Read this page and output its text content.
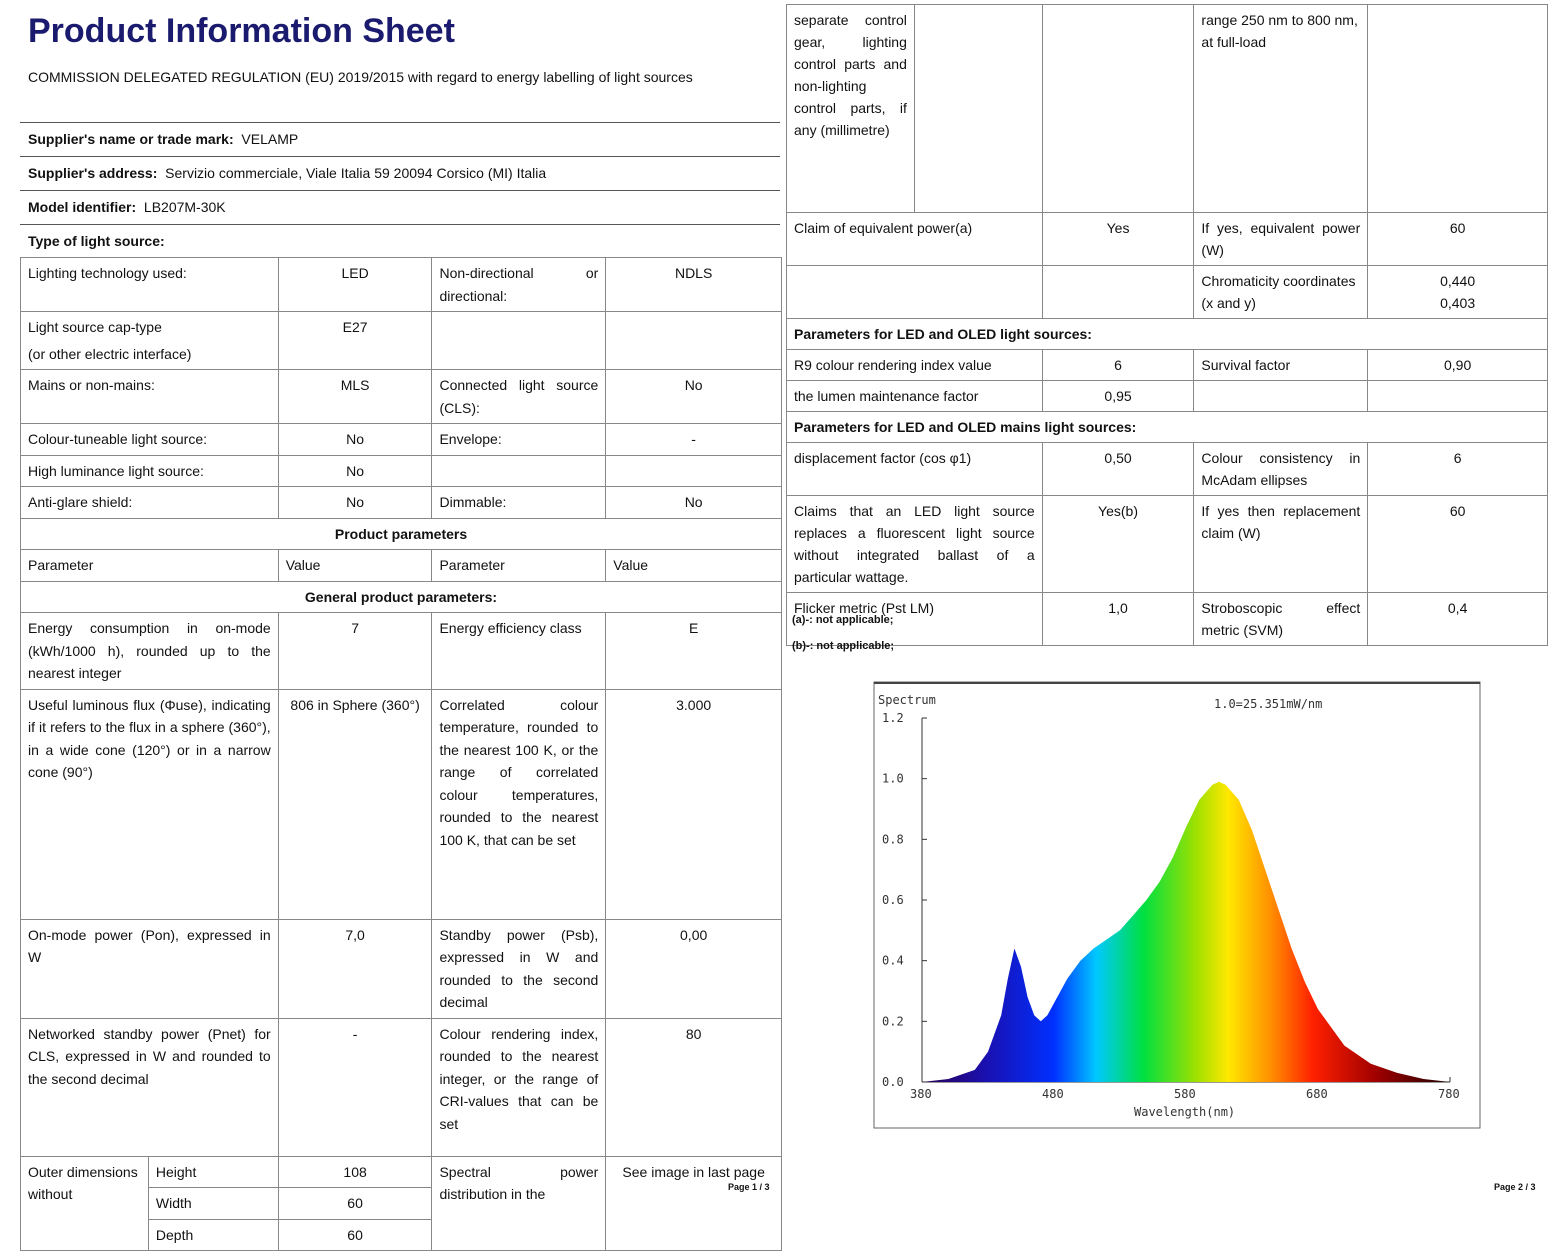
Product Information Sheet
COMMISSION DELEGATED REGULATION (EU) 2019/2015 with regard to energy labelling of light sources
Supplier's name or trade mark: VELAMP
Supplier's address: Servizio commerciale, Viale Italia 59 20094 Corsico (MI) Italia
Model identifier: LB207M-30K
Type of light source:
Lighting technology used:		LED	Non-directional or directional:	NDLS

Light source cap-type
(or other electric interface)		E27		
Mains or non-mains:		MLS	Connected light source (CLS):	No
Colour-tuneable light source:		No	Envelope:	-
High luminance light source:		No		
Anti-glare shield:		No	Dimmable:	No
Product parameters				
Parameter		Value	Parameter	Value
General product parameters:				
Energy consumption in on-mode (kWh/1000 h), rounded up to the nearest integer		7	Energy efficiency class	E
Useful luminous flux (Φuse), indicating if it refers to the flux in a sphere (360°), in a wide cone (120°) or in a narrow cone (90°)		806 in Sphere (360°)	Correlated colour temperature, rounded to the nearest 100 K, or the range of correlated colour temperatures, rounded to the nearest 100 K, that can be set	3.000
On-mode power (Pon), expressed in W		7,0	Standby power (Psb), expressed in W and rounded to the second decimal	0,00
Networked standby power (Pnet) for CLS, expressed in W and rounded to the second decimal		-	Colour rendering index, rounded to the nearest integer, or the range of CRI-values that can be set	80
Outer dimensions without	Height	108	Spectral power distribution in the	See image in last page
	Width	60		
	Depth	60		
Page 1 / 3
separate control gear, lighting control parts and non-lighting control parts, if any (millimetre)			range 250 nm to 800 nm, at full-load	
Claim of equivalent power(a)		Yes	If yes, equivalent power (W)	60
			Chromaticity coordinates (x and y)	0,440
0,403

Parameters for LED and OLED light sources:				
R9 colour rendering index value		6	Survival factor	0,90
the lumen maintenance factor		0,95		
Parameters for LED and OLED mains light sources:				
displacement factor (cos φ1)		0,50	Colour consistency in McAdam ellipses	6
Claims that an LED light source replaces a fluorescent light source without integrated ballast of a particular wattage.		Yes(b)	If yes then replacement claim (W)	60
Flicker metric (Pst LM)		1,0	Stroboscopic effect metric (SVM)	0,4
(a)-: not applicable;
(b)-: not applicable;
Spectrum	1.0=25.351mW/nm
Wavelength(nm)
0.0
0.2
0.4
0.6
0.8
1.0
1.2
380	480	580	680	780
Page 2 / 3
